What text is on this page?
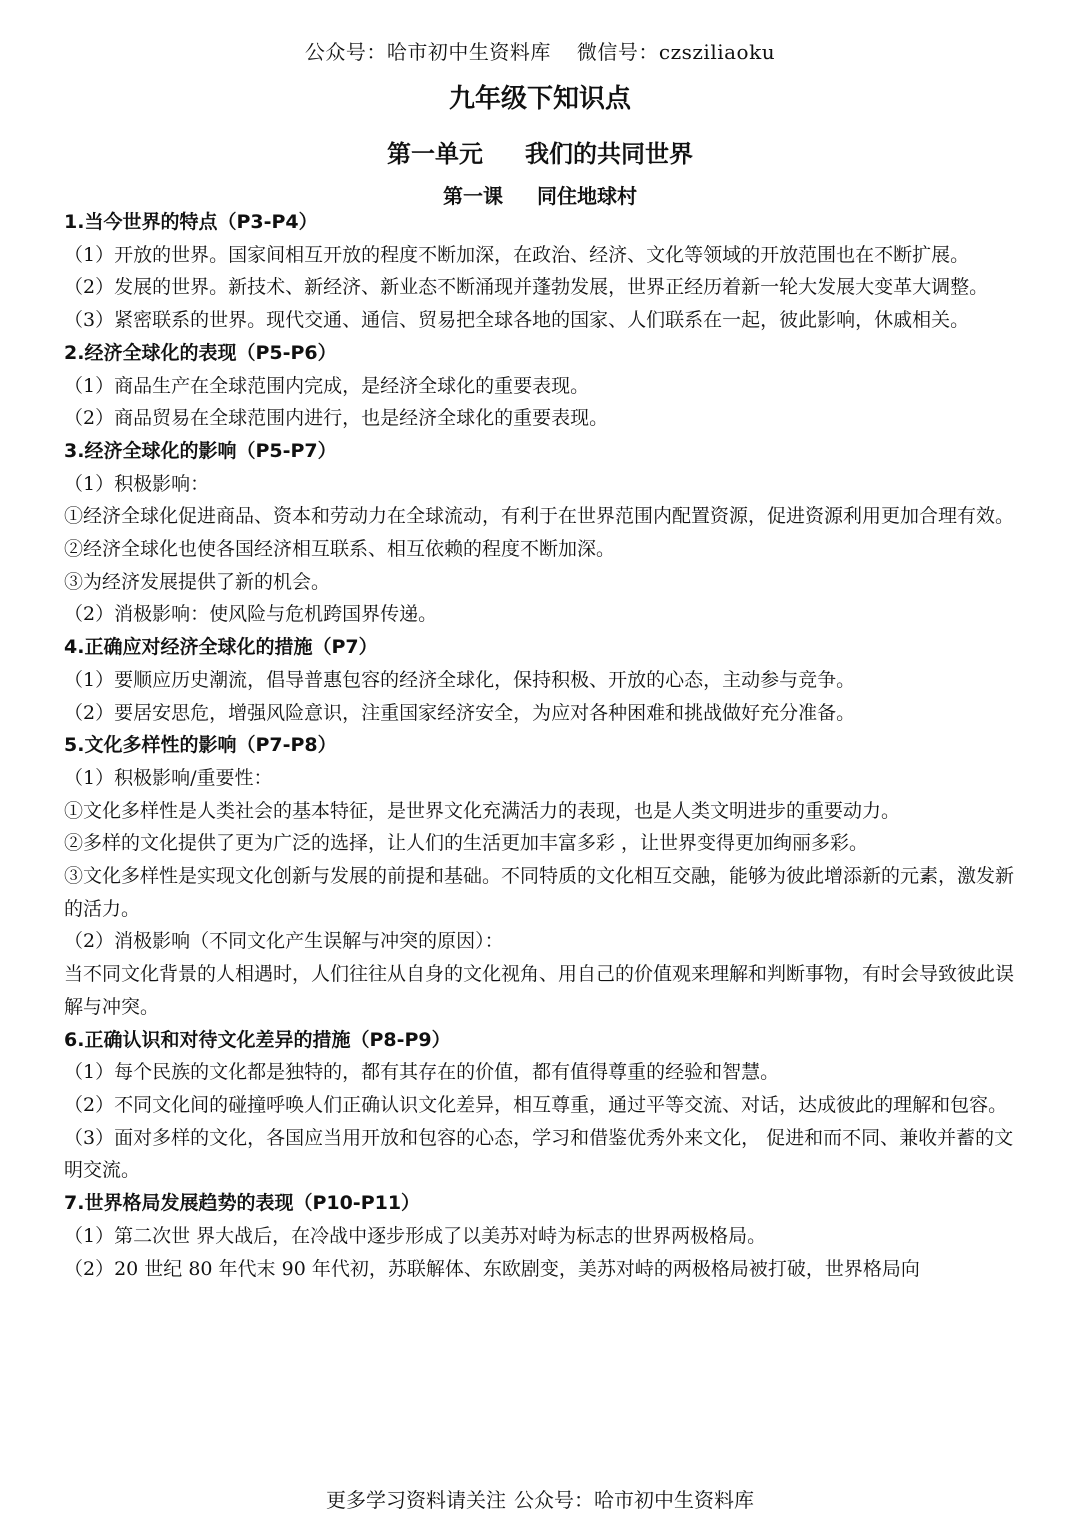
公众号：哈市初中生资料库 微信号：czsziliaoku
九年级下知识点
第一单元 我们的共同世界
第一课 同住地球村

1.当今世界的特点（P3-P4）

（1）开放的世界。国家间相互开放的程度不断加深，在政治、经济、文化等领域的开放范围也在不断扩展。

（2）发展的世界。新技术、新经济、新业态不断涌现并蓬勃发展，世界正经历着新一轮大发展大变革大调整。

（3）紧密联系的世界。现代交通、通信、贸易把全球各地的国家、人们联系在一起，彼此影响，休戚相关。

2.经济全球化的表现（P5-P6）

（1）商品生产在全球范围内完成，是经济全球化的重要表现。

（2）商品贸易在全球范围内进行，也是经济全球化的重要表现。

3.经济全球化的影响（P5-P7）

（1）积极影响：

①经济全球化促进商品、资本和劳动力在全球流动，有利于在世界范围内配置资源，促进资源利用更加合理有效。

②经济全球化也使各国经济相互联系、相互依赖的程度不断加深。

③为经济发展提供了新的机会。

（2）消极影响：使风险与危机跨国界传递。

4.正确应对经济全球化的措施（P7）

（1）要顺应历史潮流，倡导普惠包容的经济全球化，保持积极、开放的心态，主动参与竞争。

（2）要居安思危，增强风险意识，注重国家经济安全，为应对各种困难和挑战做好充分准备。

5.文化多样性的影响（P7-P8）

（1）积极影响/重要性：

①文化多样性是人类社会的基本特征，是世界文化充满活力的表现，也是人类文明进步的重要动力。

②多样的文化提供了更为广泛的选择，让人们的生活更加丰富多彩 ，让世界变得更加绚丽多彩。

③文化多样性是实现文化创新与发展的前提和基础。不同特质的文化相互交融，能够为彼此增添新的元素，激发新的活力。

（2）消极影响（不同文化产生误解与冲突的原因）：

当不同文化背景的人相遇时，人们往往从自身的文化视角、用自己的价值观来理解和判断事物，有时会导致彼此误解与冲突。

6.正确认识和对待文化差异的措施（P8-P9）

（1）每个民族的文化都是独特的，都有其存在的价值，都有值得尊重的经验和智慧。

（2）不同文化间的碰撞呼唤人们正确认识文化差异，相互尊重，通过平等交流、对话，达成彼此的理解和包容。

（3）面对多样的文化，各国应当用开放和包容的心态，学习和借鉴优秀外来文化， 促进和而不同、兼收并蓄的文明交流。

7.世界格局发展趋势的表现（P10-P11）

（1）第二次世 界大战后，在冷战中逐步形成了以美苏对峙为标志的世界两极格局。

（2）20 世纪 80 年代末 90 年代初，苏联解体、东欧剧变，美苏对峙的两极格局被打破，世界格局向

更多学习资料请关注 公众号：哈市初中生资料库
